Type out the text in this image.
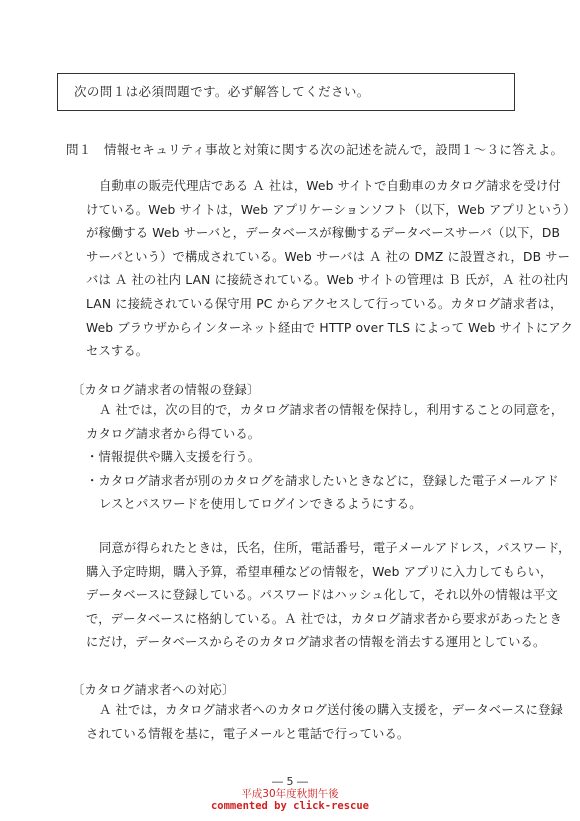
次の問１は必須問題です。必ず解答してください。
問１ 情報セキュリティ事故と対策に関する次の記述を読んで，設問１～３に答えよ。
自動車の販売代理店である Ａ 社は，Web サイトで自動車のカタログ請求を受け付
けている。Web サイトは，Web アプリケーションソフト（以下，Web アプリという）
が稼働する Web サーバと，データベースが稼働するデータベースサーバ（以下，DB
サーバという）で構成されている。Web サーバは Ａ 社の DMZ に設置され，DB サー
バは Ａ 社の社内 LAN に接続されている。Web サイトの管理は Ｂ 氏が，Ａ 社の社内
LAN に接続されている保守用 PC からアクセスして行っている。カタログ請求者は，
Web ブラウザからインターネット経由で HTTP over TLS によって Web サイトにアク
セスする。
〔カタログ請求者の情報の登録〕
Ａ 社では，次の目的で，カタログ請求者の情報を保持し，利用することの同意を，
カタログ請求者から得ている。
・情報提供や購入支援を行う。
・カタログ請求者が別のカタログを請求したいときなどに，登録した電子メールアド
レスとパスワードを使用してログインできるようにする。
同意が得られたときは，氏名，住所，電話番号，電子メールアドレス，パスワード，
購入予定時期，購入予算，希望車種などの情報を，Web アプリに入力してもらい，
データベースに登録している。パスワードはハッシュ化して，それ以外の情報は平文
で，データベースに格納している。Ａ 社では，カタログ請求者から要求があったとき
にだけ，データベースからそのカタログ請求者の情報を消去する運用としている。
〔カタログ請求者への対応〕
Ａ 社では，カタログ請求者へのカタログ送付後の購入支援を，データベースに登録
されている情報を基に，電子メールと電話で行っている。
― 5 ―
平成30年度秋期午後
commented by click-rescue
